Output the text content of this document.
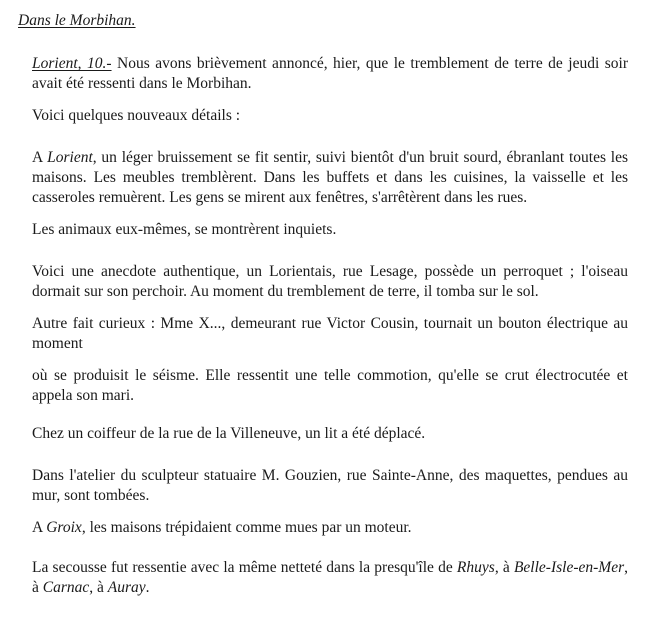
Dans le Morbihan.

Lorient, 10.- Nous avons brièvement annoncé, hier, que le tremblement de terre de jeudi soir avait été ressenti dans le Morbihan.

Voici quelques nouveaux détails :

A Lorient, un léger bruissement se fit sentir, suivi bientôt d'un bruit sourd, ébranlant toutes les maisons. Les meubles tremblèrent. Dans les buffets et dans les cuisines, la vaisselle et les casseroles remuèrent. Les gens se mirent aux fenêtres, s'arrêtèrent dans les rues.

Les animaux eux-mêmes, se montrèrent inquiets.

Voici une anecdote authentique, un Lorientais, rue Lesage, possède un perroquet ; l'oiseau dormait sur son perchoir. Au moment du tremblement de terre, il tomba sur le sol.

Autre fait curieux : Mme X..., demeurant rue Victor Cousin, tournait un bouton électrique au moment

où se produisit le séisme. Elle ressentit une telle commotion, qu'elle se crut électrocutée et appela son mari.

Chez un coiffeur de la rue de la Villeneuve, un lit a été déplacé.

Dans l'atelier du sculpteur statuaire M. Gouzien, rue Sainte-Anne, des maquettes, pendues au mur, sont tombées.

A Groix, les maisons trépidaient comme mues par un moteur.

La secousse fut ressentie avec la même netteté dans la presqu'île de Rhuys, à Belle-Isle-en-Mer, à Carnac, à Auray.
